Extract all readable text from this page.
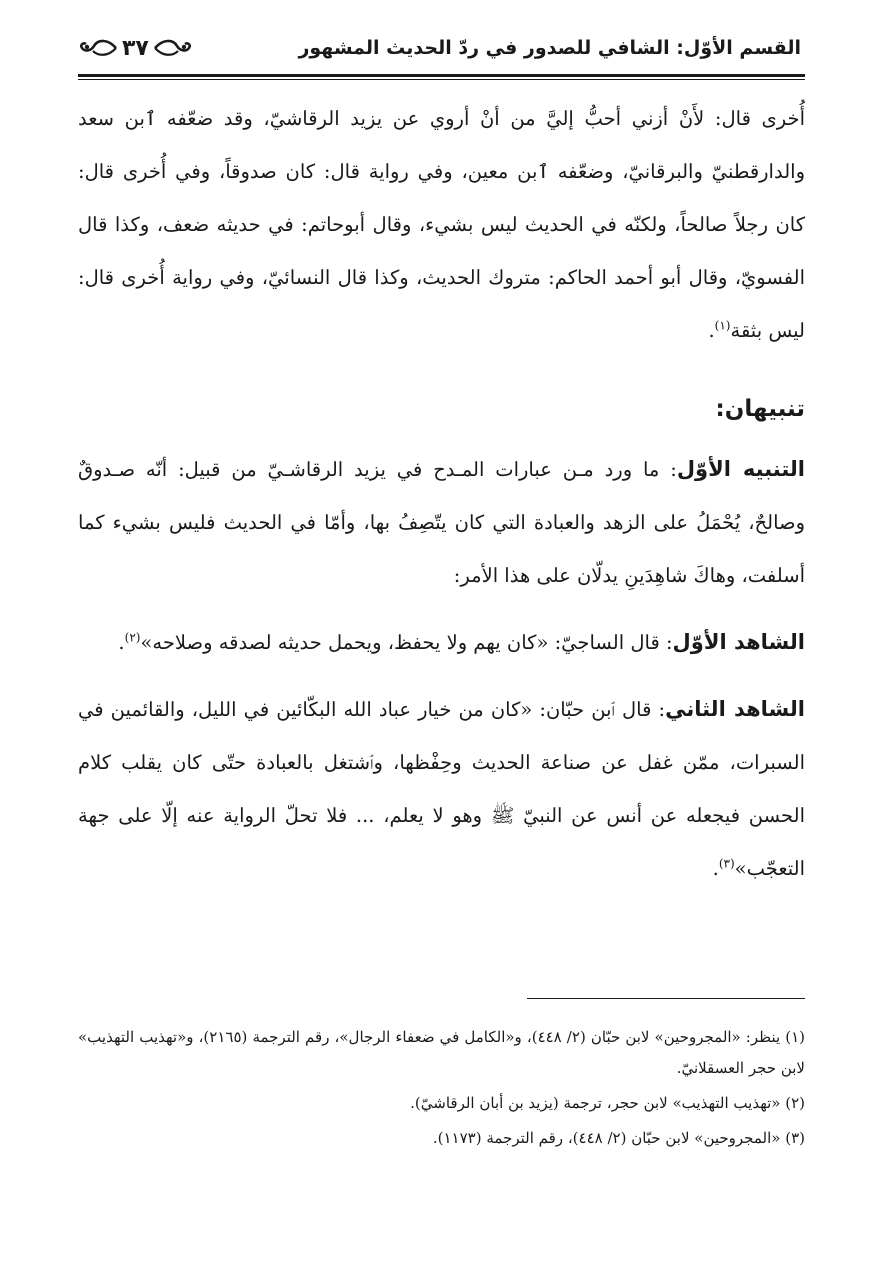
القسم الأوّل: الشافي للصدور في ردّ الحديث المشهور
٣٧

أُخرى قال: لأَنْ أزني أحبُّ إليَّ من أنْ أروي عن يزيد الرقاشيّ، وقد ضعّفه ٱبن سعد والدارقطنيّ والبرقانيّ، وضعّفه ٱبن معين، وفي رواية قال: كان صدوقاً، وفي أُخرى قال: كان رجلاً صالحاً، ولكنّه في الحديث ليس بشيء، وقال أبوحاتم: في حديثه ضعف، وكذا قال الفسويّ، وقال أبو أحمد الحاكم: متروك الحديث، وكذا قال النسائيّ، وفي رواية أُخرى قال: ليس بثقة$^{(١)}$.

تنبيهان:

التنبيه الأوّل: ما ورد مـن عبارات المـدح في يزيد الرقاشـيّ من قبيل: أنّه صـدوقٌ وصالحٌ، يُحْمَلُ على الزهد والعبادة التي كان يتّصِفُ بها، وأمّا في الحديث فليس بشيء كما أسلفت، وهاكَ شاهِدَينِ يدلّان على هذا الأمر:

الشاهد الأوّل: قال الساجيّ: «كان يهم ولا يحفظ، ويحمل حديثه لصدقه وصلاحه»$^{(٢)}$.

الشاهد الثاني: قال ٱبن حبّان: «كان من خيار عباد الله البكّائين في الليل، والقائمين في السبرات، ممّن غفل عن صناعة الحديث وحِفْظها، وٱشتغل بالعبادة حتّى كان يقلب كلام الحسن فيجعله عن أنس عن النبيّ ﷺ وهو لا يعلم، ... فلا تحلّ الرواية عنه إلّا على جهة التعجّب»$^{(٣)}$.

(١) ينظر: «المجروحين» لابن حبّان (٢/ ٤٤٨)، و«الكامل في ضعفاء الرجال»، رقم الترجمة (٢١٦٥)، و«تهذيب التهذيب» لابن حجر العسقلانيّ.

(٢) «تهذيب التهذيب» لابن حجر، ترجمة (يزيد بن أبان الرقاشيّ).

(٣) «المجروحين» لابن حبّان (٢/ ٤٤٨)، رقم الترجمة (١١٧٣).
